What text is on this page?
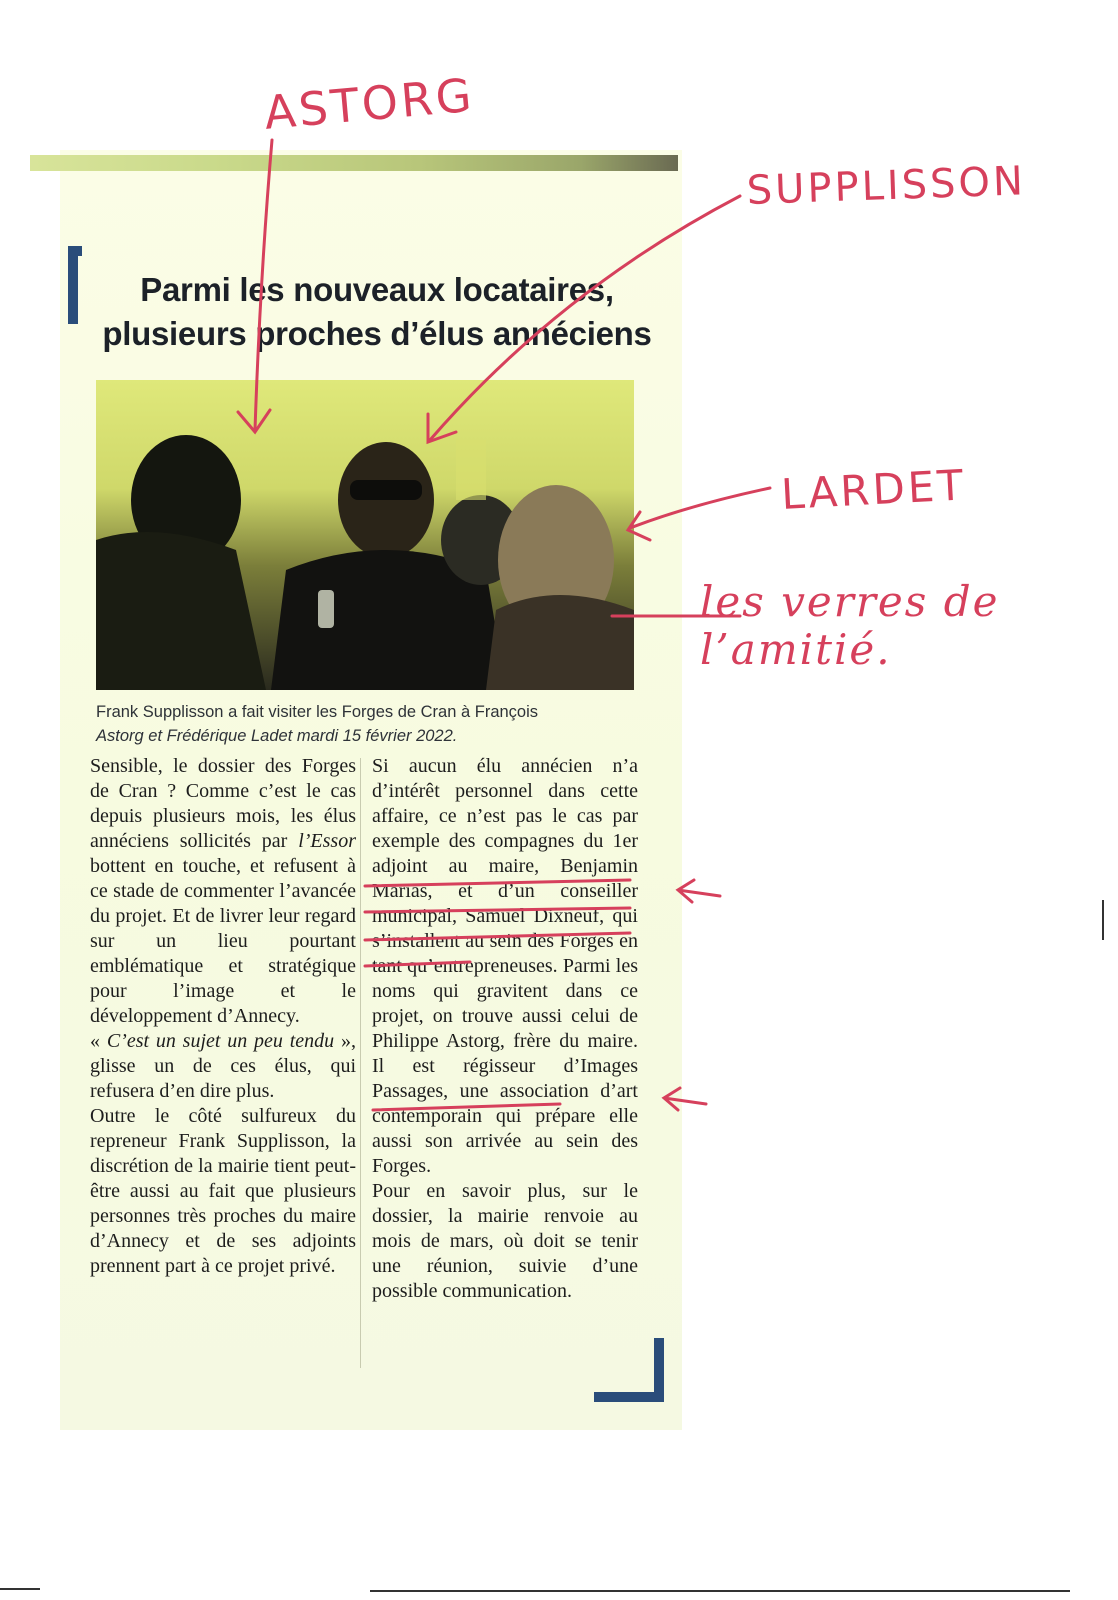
Parmi les nouveaux locataires,
plusieurs proches d’élus annéciens
Frank Supplisson a fait visiter les Forges de Cran à François
Astorg et Frédérique Ladet mardi 15 février 2022.

Sensible, le dossier des Forges de Cran ? Comme c’est le cas depuis plusieurs mois, les élus annéciens sollicités par l’Essor bottent en touche, et refusent à ce stade de commenter l’avancée du projet. Et de livrer leur regard sur un lieu pourtant emblématique et stratégique pour l’image et le développement d’Annecy.

« C’est un sujet un peu tendu », glisse un de ces élus, qui refusera d’en dire plus.

Outre le côté sulfureux du repreneur Frank Supplisson, la discrétion de la mairie tient peut-être aussi au fait que plusieurs personnes très proches du maire d’Annecy et de ses adjoints prennent part à ce projet privé.

Si aucun élu annécien n’a d’intérêt personnel dans cette affaire, ce n’est pas le cas par exemple des compagnes du 1er adjoint au maire, Benjamin Marias, et d’un conseiller municipal, Samuel Dixneuf, qui s’installent au sein des Forges en tant qu’entrepreneuses. Parmi les noms qui gravitent dans ce projet, on trouve aussi celui de Philippe Astorg, frère du maire. Il est régisseur d’Images Passages, une association d’art contemporain qui prépare elle aussi son arrivée au sein des Forges.

Pour en savoir plus, sur le dossier, la mairie renvoie au mois de mars, où doit se tenir une réunion, suivie d’une possible communication.

ASTORG
SUPPLISSON
LARDET
les verres de l’amitié.
